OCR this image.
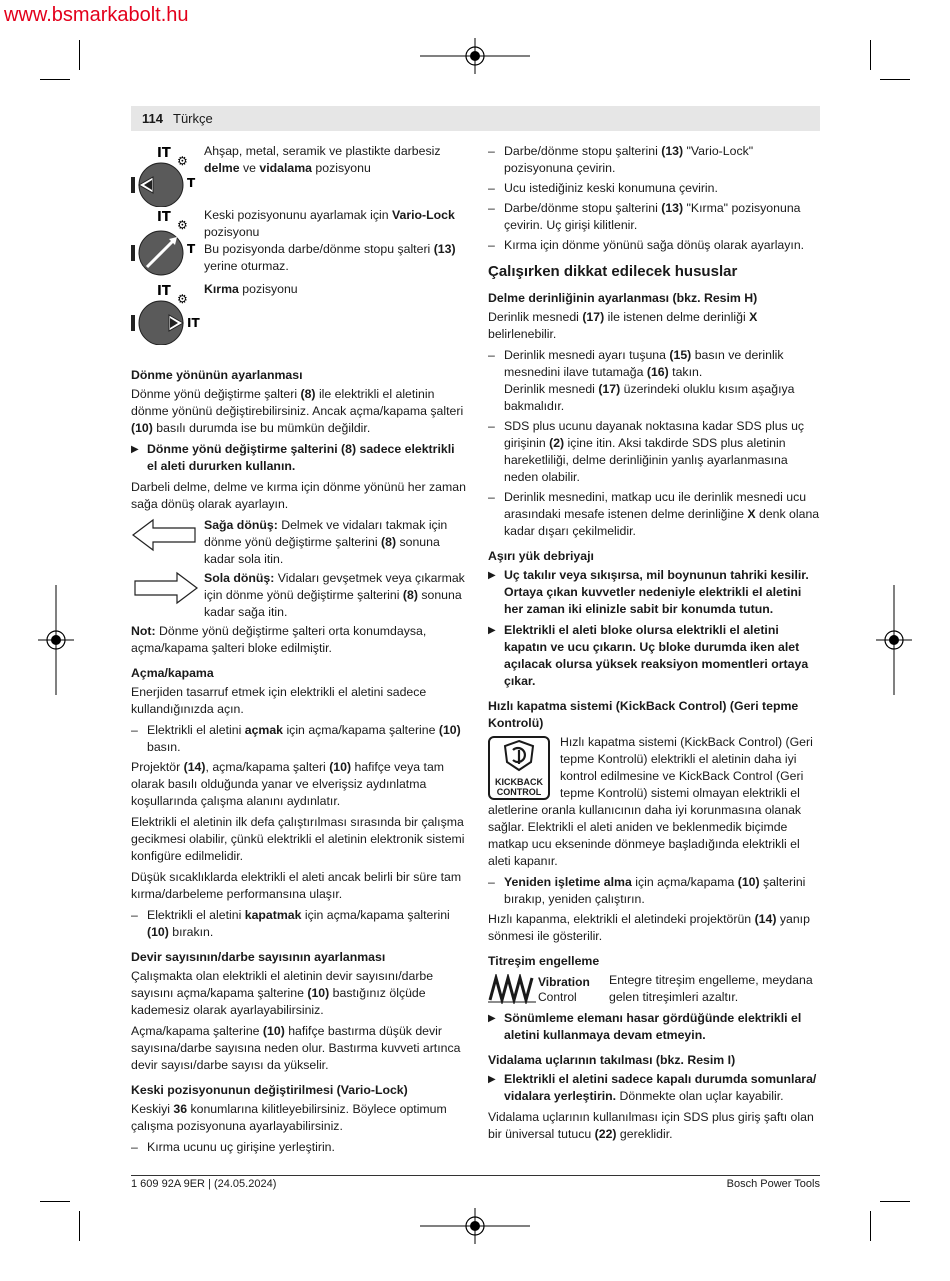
www.bsmarkabolt.hu
114 Türkçe
ΙΤ ⚙
T
Ahşap, metal, seramik ve plastikte darbesiz delme ve vidalama pozisyonu
ΙΤ ⚙
T
Keski pozisyonunu ayarlamak için Vario-Lock pozisyonu
Bu pozisyonda darbe/dönme stopu şalteri (13) yerine oturmaz.
ΙΤ ⚙
ΙΤ
Kırma pozisyonu
Dönme yönünün ayarlanması

Dönme yönü değiştirme şalteri (8) ile elektrikli el aletinin dönme yönünü değiştirebilirsiniz. Ancak açma/kapama şalteri (10) basılı durumda ise bu mümkün değildir.

▶ Dönme yönü değiştirme şalterini (8) sadece elektrikli el aleti dururken kullanın.

Darbeli delme, delme ve kırma için dönme yönünü her zaman sağa dönüş olarak ayarlayın.

Sağa dönüş: Delmek ve vidaları takmak için dönme yönü değiştirme şalterini (8) sonuna kadar sola itin.
Sola dönüş: Vidaları gevşetmek veya çıkarmak için dönme yönü değiştirme şalterini (8) sonuna kadar sağa itin.

Not: Dönme yönü değiştirme şalteri orta konumdaysa, açma/kapama şalteri bloke edilmiştir.

Açma/kapama

Enerjiden tasarruf etmek için elektrikli el aletini sadece kullandığınızda açın.

– Elektrikli el aletini açmak için açma/kapama şalterine (10) basın.

Projektör (14), açma/kapama şalteri (10) hafifçe veya tam olarak basılı olduğunda yanar ve elverişsiz aydınlatma koşullarında çalışma alanını aydınlatır.

Elektrikli el aletinin ilk defa çalıştırılması sırasında bir çalışma gecikmesi olabilir, çünkü elektrikli el aletinin elektronik sistemi konfigüre edilmelidir.

Düşük sıcaklıklarda elektrikli el aleti ancak belirli bir süre tam kırma/darbeleme performansına ulaşır.

– Elektrikli el aletini kapatmak için açma/kapama şalterini (10) bırakın.
Devir sayısının/darbe sayısının ayarlanması

Çalışmakta olan elektrikli el aletinin devir sayısını/darbe sayısını açma/kapama şalterine (10) bastığınız ölçüde kademesiz olarak ayarlayabilirsiniz.

Açma/kapama şalterine (10) hafifçe bastırma düşük devir sayısına/darbe sayısına neden olur. Bastırma kuvveti artınca devir sayısı/darbe sayısı da yükselir.

Keski pozisyonunun değiştirilmesi (Vario-Lock)

Keskiyi 36 konumlarına kilitleyebilirsiniz. Böylece optimum çalışma pozisyonuna ayarlayabilirsiniz.

– Kırma ucunu uç girişine yerleştirin.
– Darbe/dönme stopu şalterini (13) "Vario-Lock" pozisyonuna çevirin.
– Ucu istediğiniz keski konumuna çevirin.
– Darbe/dönme stopu şalterini (13) "Kırma" pozisyonuna çevirin. Uç girişi kilitlenir.
– Kırma için dönme yönünü sağa dönüş olarak ayarlayın.
Çalışırken dikkat edilecek hususlar
Delme derinliğinin ayarlanması (bkz. Resim H)

Derinlik mesnedi (17) ile istenen delme derinliği X belirlenebilir.

– Derinlik mesnedi ayarı tuşuna (15) basın ve derinlik mesnedini ilave tutamağa (16) takın.
Derinlik mesnedi (17) üzerindeki oluklu kısım aşağıya bakmalıdır.
– SDS plus ucunu dayanak noktasına kadar SDS plus uç girişinin (2) içine itin. Aksi takdirde SDS plus aletinin hareketliliği, delme derinliğinin yanlış ayarlanmasına neden olabilir.
– Derinlik mesnedini, matkap ucu ile derinlik mesnedi ucu arasındaki mesafe istenen delme derinliğine X denk olana kadar dışarı çekilmelidir.
Aşırı yük debriyajı
▶ Uç takılır veya sıkışırsa, mil boynunun tahriki kesilir. Ortaya çıkan kuvvetler nedeniyle elektrikli el aletini her zaman iki elinizle sabit bir konumda tutun.
▶ Elektrikli el aleti bloke olursa elektrikli el aletini kapatın ve ucu çıkarın. Uç bloke durumda iken alet açılacak olursa yüksek reaksiyon momentleri ortaya çıkar.
Hızlı kapatma sistemi (KickBack Control) (Geri tepme Kontrolü)
KICKBACK
CONTROL

Hızlı kapatma sistemi (KickBack Control) (Geri tepme Kontrolü) elektrikli el aletinin daha iyi kontrol edilmesine ve KickBack Control (Geri tepme Kontrolü) sistemi olmayan elektrikli el aletlerine oranla kullanıcının daha iyi korunmasına olanak sağlar. Elektrikli el aleti aniden ve beklenmedik biçimde matkap ucu ekseninde dönmeye başladığında elektrikli el aleti kapanır.

– Yeniden işletime alma için açma/kapama (10) şalterini bırakıp, yeniden çalıştırın.

Hızlı kapanma, elektrikli el aletindeki projektörün (14) yanıp sönmesi ile gösterilir.

Titreşim engelleme
Vibration
Control

Entegre titreşim engelleme, meydana gelen titreşimleri azaltır.

▶ Sönümleme elemanı hasar gördüğünde elektrikli el aletini kullanmaya devam etmeyin.
Vidalama uçlarının takılması (bkz. Resim I)
▶ Elektrikli el aletini sadece kapalı durumda somunlara/ vidalara yerleştirin. Dönmekte olan uçlar kayabilir.

Vidalama uçlarının kullanılması için SDS plus giriş şaftı olan bir üniversal tutucu (22) gereklidir.

1 609 92A 9ER | (24.05.2024)	Bosch Power Tools
